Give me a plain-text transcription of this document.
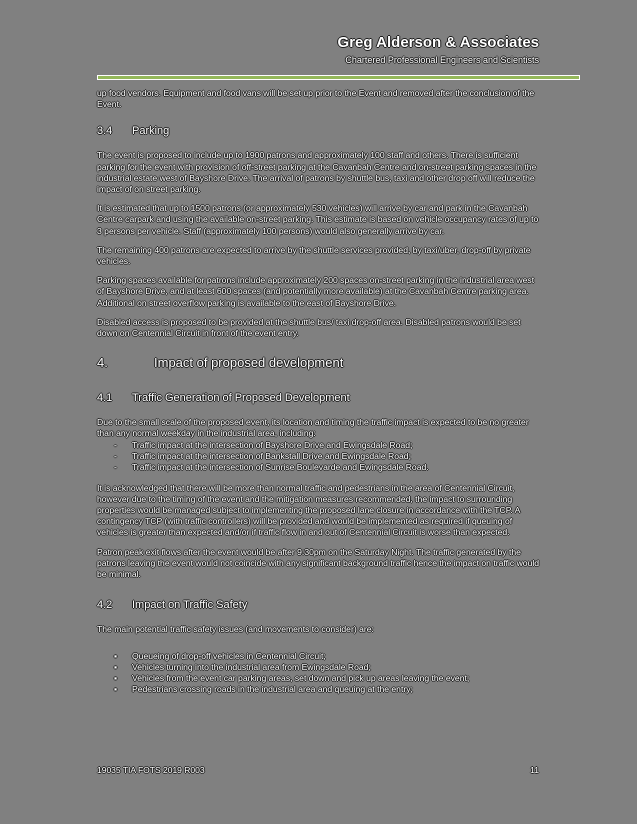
Greg Alderson & Associates
Chartered Professional Engineers and Scientists

up food vendors. Equipment and food vans will be set up prior to the Event and removed after the conclusion of the Event.

3.4	Parking

The event is proposed to include up to 1900 patrons and approximately 100 staff and others. There is sufficient parking for the event with provision of off-street parking at the Cavanbah Centre and on-street parking spaces in the industrial estate west of Bayshore Drive. The arrival of patrons by shuttle bus, taxi and other drop off will reduce the impact of on street parking.

It is estimated that up to 1500 patrons (or approximately 530 vehicles) will arrive by car and park in the Cavanbah Centre carpark and using the available on-street parking. This estimate is based on vehicle occupancy rates of up to 3 persons per vehicle. Staff (approximately 100 persons) would also generally arrive by car.

The remaining 400 patrons are expected to arrive by the shuttle services provided, by taxi/uber, drop-off by private vehicles.

Parking spaces available for patrons include approximately 200 spaces on-street parking in the industrial area west of Bayshore Drive, and at least 600 spaces (and potentially more available) at the Cavanbah Centre parking area. Additional on street overflow parking is available to the east of Bayshore Drive.

Disabled access is proposed to be provided at the shuttle bus/ taxi drop-off area. Disabled patrons would be set down on Centennial Circuit in front of the event entry.

4.	Impact of proposed development
4.1	Traffic Generation of Proposed Development

Due to the small scale of the proposed event, its location and timing the traffic impact is expected to be no greater than any normal weekday in the industrial area, including:

-	Traffic impact at the intersection of Bayshore Drive and Ewingsdale Road;
-	Traffic impact at the intersection of Bankstall Drive and Ewingsdale Road;
-	Traffic impact at the intersection of Sunrise Boulevarde and Ewingsdale Road.

It is acknowledged that there will be more than normal traffic and pedestrians in the area of Centennial Circuit, however due to the timing of the event and the mitigation measures recommended, the impact to surrounding properties would be managed subject to implementing the proposed lane closure in accordance with the TCP. A contingency TCP (with traffic controllers) will be provided and would be implemented as required if queuing of vehicles is greater than expected and/or if traffic flow in and out of Centennial Circuit is worse than expected.

Patron peak exit flows after the event would be after 9:30pm on the Saturday Night. The traffic generated by the patrons leaving the event would not coincide with any significant background traffic hence the impact on traffic would be minimal.

4.2	Impact on Traffic Safety

The main potential traffic safety issues (and movements to consider) are:

▪	Queueing of drop-off vehicles in Centennial Circuit;
▪	Vehicles turning into the industrial area from Ewingsdale Road;
▪	Vehicles from the event car parking areas, set down and pick up areas leaving the event;
▪	Pedestrians crossing roads in the industrial area and queuing at the entry;
19035 TIA FOTS 2019 R003	11
